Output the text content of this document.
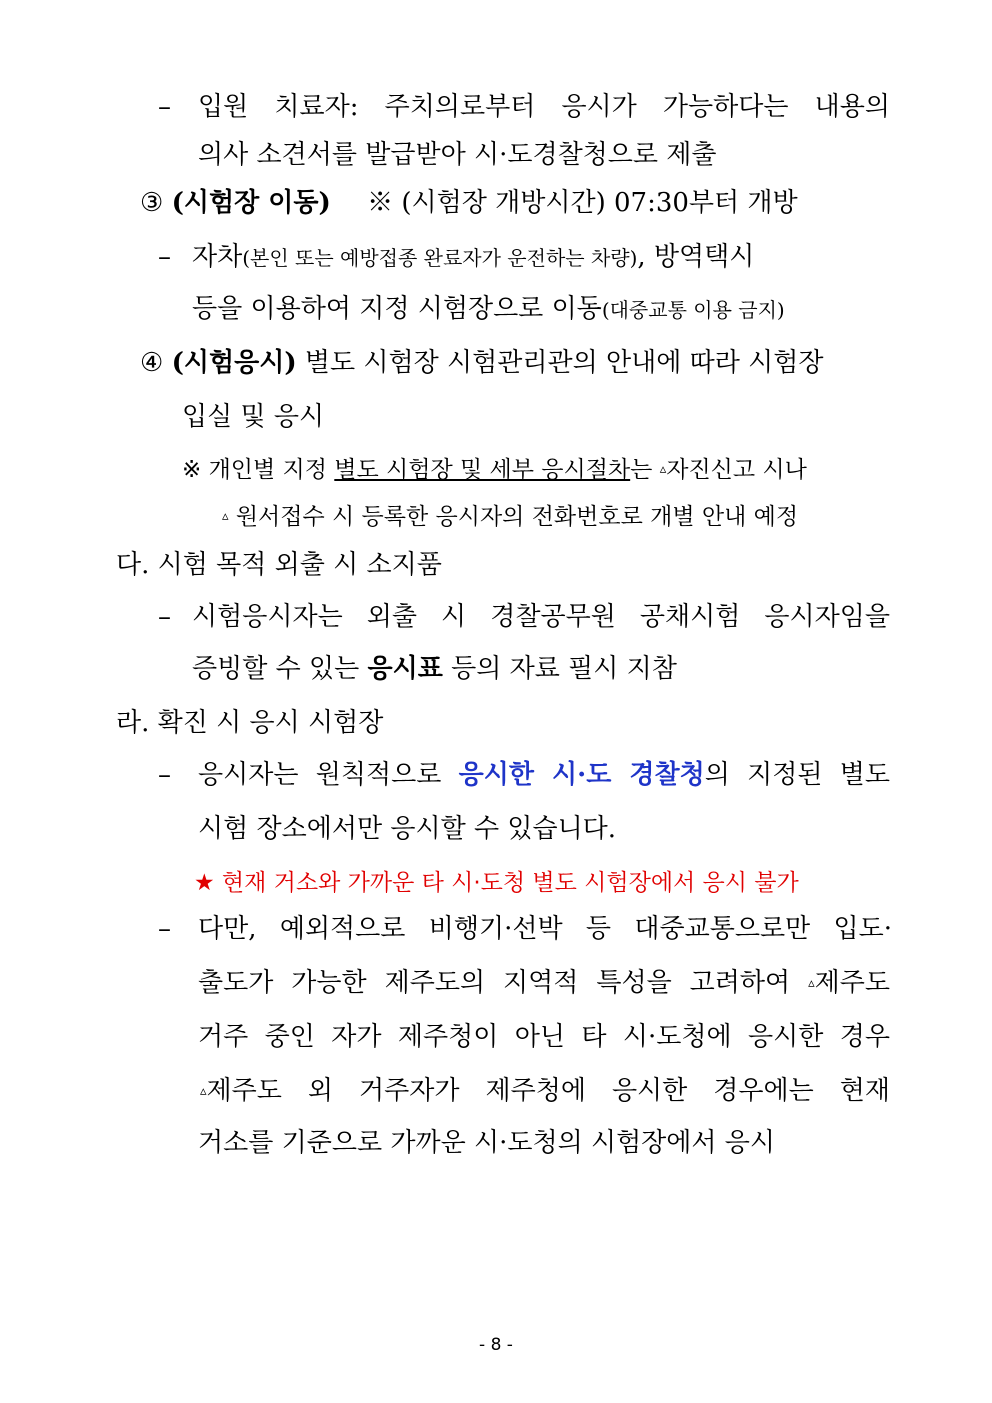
– 입원 치료자: 주치의로부터 응시가 가능하다는 내용의
의사 소견서를 발급받아 시·도경찰청으로 제출
③ (시험장 이동) ※ (시험장 개방시간) 07:30부터 개방
– 자차(본인 또는 예방접종 완료자가 운전하는 차량), 방역택시
등을 이용하여 지정 시험장으로 이동(대중교통 이용 금지)
④ (시험응시) 별도 시험장 시험관리관의 안내에 따라 시험장
입실 및 응시
※ 개인별 지정 별도 시험장 및 세부 응시절차는 ▵자진신고 시나
▵ 원서접수 시 등록한 응시자의 전화번호로 개별 안내 예정
다. 시험 목적 외출 시 소지품
– 시험응시자는 외출 시 경찰공무원 공채시험 응시자임을
증빙할 수 있는 응시표 등의 자료 필시 지참
라. 확진 시 응시 시험장
– 응시자는 원칙적으로 응시한 시·도 경찰청의 지정된 별도
시험 장소에서만 응시할 수 있습니다.
★ 현재 거소와 가까운 타 시·도청 별도 시험장에서 응시 불가
– 다만, 예외적으로 비행기·선박 등 대중교통으로만 입도·
출도가 가능한 제주도의 지역적 특성을 고려하여 ▵제주도
거주 중인 자가 제주청이 아닌 타 시·도청에 응시한 경우
▵제주도 외 거주자가 제주청에 응시한 경우에는 현재
거소를 기준으로 가까운 시·도청의 시험장에서 응시
- 8 -
